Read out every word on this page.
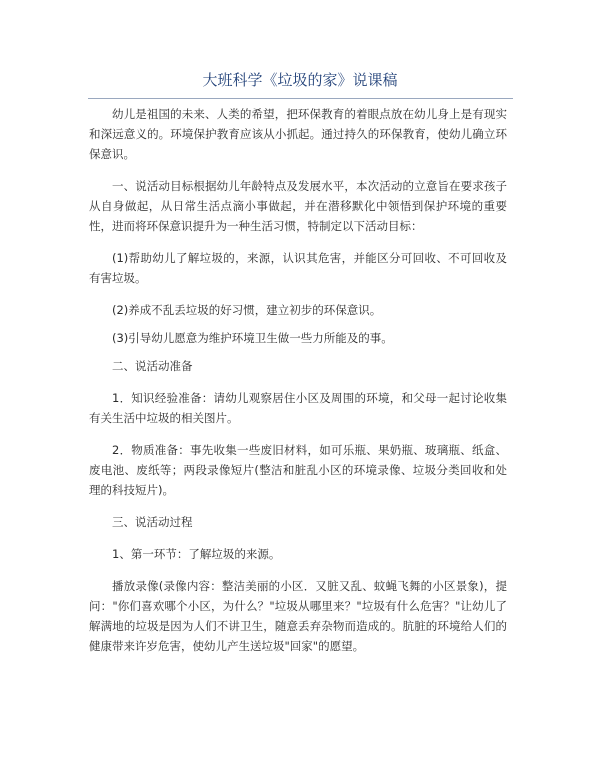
大班科学《垃圾的家》说课稿

幼儿是祖国的未来、人类的希望，把环保教育的着眼点放在幼儿身上是有现实和深远意义的。环境保护教育应该从小抓起。通过持久的环保教育，使幼儿确立环保意识。

一、说活动目标根据幼儿年龄特点及发展水平，本次活动的立意旨在要求孩子从自身做起，从日常生活点滴小事做起，并在潜移默化中领悟到保护环境的重要性，进而将环保意识提升为一种生活习惯，特制定以下活动目标：

(1)帮助幼儿了解垃圾的，来源，认识其危害，并能区分可回收、不可回收及有害垃圾。

(2)养成不乱丢垃圾的好习惯，建立初步的环保意识。

(3)引导幼儿愿意为维护环境卫生做一些力所能及的事。

二、说活动准备

1．知识经验准备：请幼儿观察居住小区及周围的环境，和父母一起讨论收集有关生活中垃圾的相关图片。

2．物质准备：事先收集一些废旧材料，如可乐瓶、果奶瓶、玻璃瓶、纸盒、废电池、废纸等；两段录像短片(整洁和脏乱小区的环境录像、垃圾分类回收和处理的科技短片)。

三、说活动过程

1、第一环节：了解垃圾的来源。

播放录像(录像内容：整洁美丽的小区．又脏又乱、蚊蝇飞舞的小区景象)，提问："你们喜欢哪个小区，为什么？"垃圾从哪里来？"垃圾有什么危害？"让幼儿了解满地的垃圾是因为人们不讲卫生，随意丢弃杂物而造成的。肮脏的环境给人们的健康带来许岁危害，使幼儿产生送垃圾"回家"的愿望。
